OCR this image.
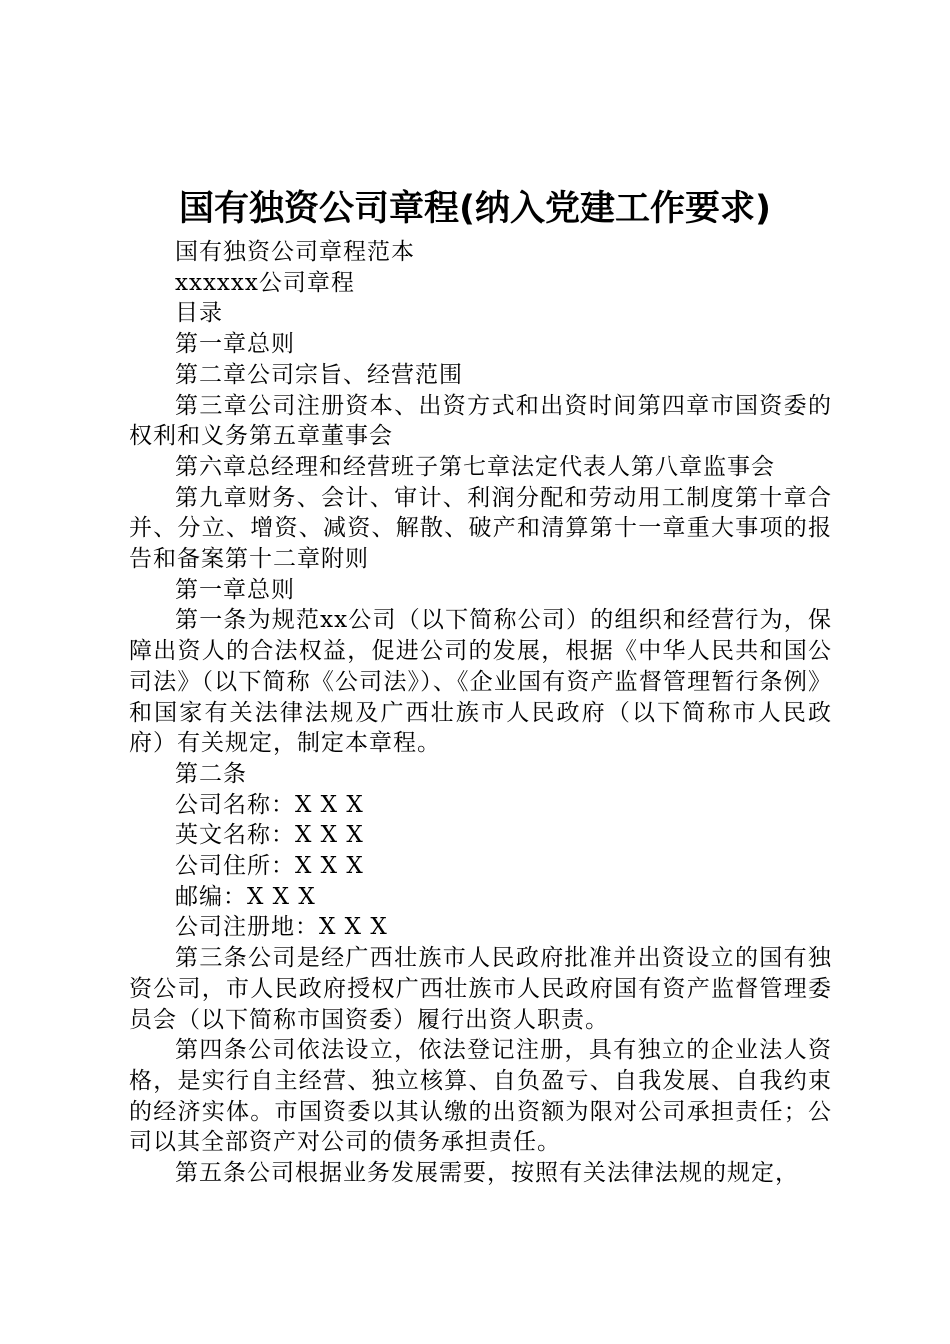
国有独资公司章程(纳入党建工作要求)

国有独资公司章程范本

xxxxxx公司章程

目录

第一章总则

第二章公司宗旨、经营范围

第三章公司注册资本、出资方式和出资时间第四章市国资委的权利和义务第五章董事会

第六章总经理和经营班子第七章法定代表人第八章监事会

第九章财务、会计、审计、利润分配和劳动用工制度第十章合并、分立、增资、减资、解散、破产和清算第十一章重大事项的报告和备案第十二章附则

第一章总则

第一条为规范xx公司（以下简称公司）的组织和经营行为，保障出资人的合法权益，促进公司的发展，根据《中华人民共和国公司法》（以下简称《公司法》）、《企业国有资产监督管理暂行条例》和国家有关法律法规及广西壮族市人民政府（以下简称市人民政府）有关规定，制定本章程。

第二条

公司名称：X X X

英文名称：X X X

公司住所：X X X

邮编：X X X

公司注册地：X X X

第三条公司是经广西壮族市人民政府批准并出资设立的国有独资公司，市人民政府授权广西壮族市人民政府国有资产监督管理委员会（以下简称市国资委）履行出资人职责。

第四条公司依法设立，依法登记注册，具有独立的企业法人资格，是实行自主经营、独立核算、自负盈亏、自我发展、自我约束的经济实体。市国资委以其认缴的出资额为限对公司承担责任；公司以其全部资产对公司的债务承担责任。

第五条公司根据业务发展需要，按照有关法律法规的规定，
